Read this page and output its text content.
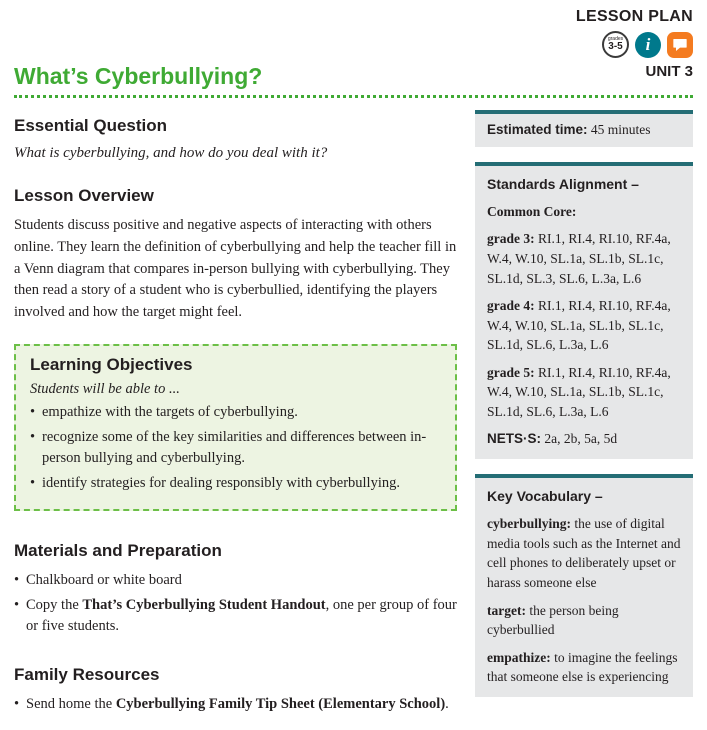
What’s Cyberbullying?
LESSON PLAN
grades
3-5 i
UNIT 3
Essential Question

What is cyberbullying, and how do you deal with it?

Lesson Overview

Students discuss positive and negative aspects of interacting with others online. They learn the definition of cyberbullying and help the teacher fill in a Venn diagram that compares in-person bullying with cyberbullying. They then read a story of a student who is cyberbullied, identifying the players involved and how the target might feel.

Learning Objectives

Students will be able to ...

• empathize with the targets of cyberbullying.
• recognize some of the key similarities and differences between in-person bullying and cyberbullying.
• identify strategies for dealing responsibly with cyberbullying.
Materials and Preparation
• Chalkboard or white board
• Copy the That’s Cyberbullying Student Handout, one per group of four or five students.
Family Resources
• Send home the Cyberbullying Family Tip Sheet (Elementary School).

Estimated time: 45 minutes

Standards Alignment –

Common Core:

grade 3: RI.1, RI.4, RI.10, RF.4a, W.4, W.10, SL.1a, SL.1b, SL.1c, SL.1d, SL.3, SL.6, L.3a, L.6

grade 4: RI.1, RI.4, RI.10, RF.4a, W.4, W.10, SL.1a, SL.1b, SL.1c, SL.1d, SL.6, L.3a, L.6

grade 5: RI.1, RI.4, RI.10, RF.4a, W.4, W.10, SL.1a, SL.1b, SL.1c, SL.1d, SL.6, L.3a, L.6

NETS·S: 2a, 2b, 5a, 5d

Key Vocabulary –

cyberbullying: the use of digital media tools such as the Internet and cell phones to deliberately upset or harass someone else

target: the person being cyberbullied

empathize: to imagine the feelings that someone else is experiencing
